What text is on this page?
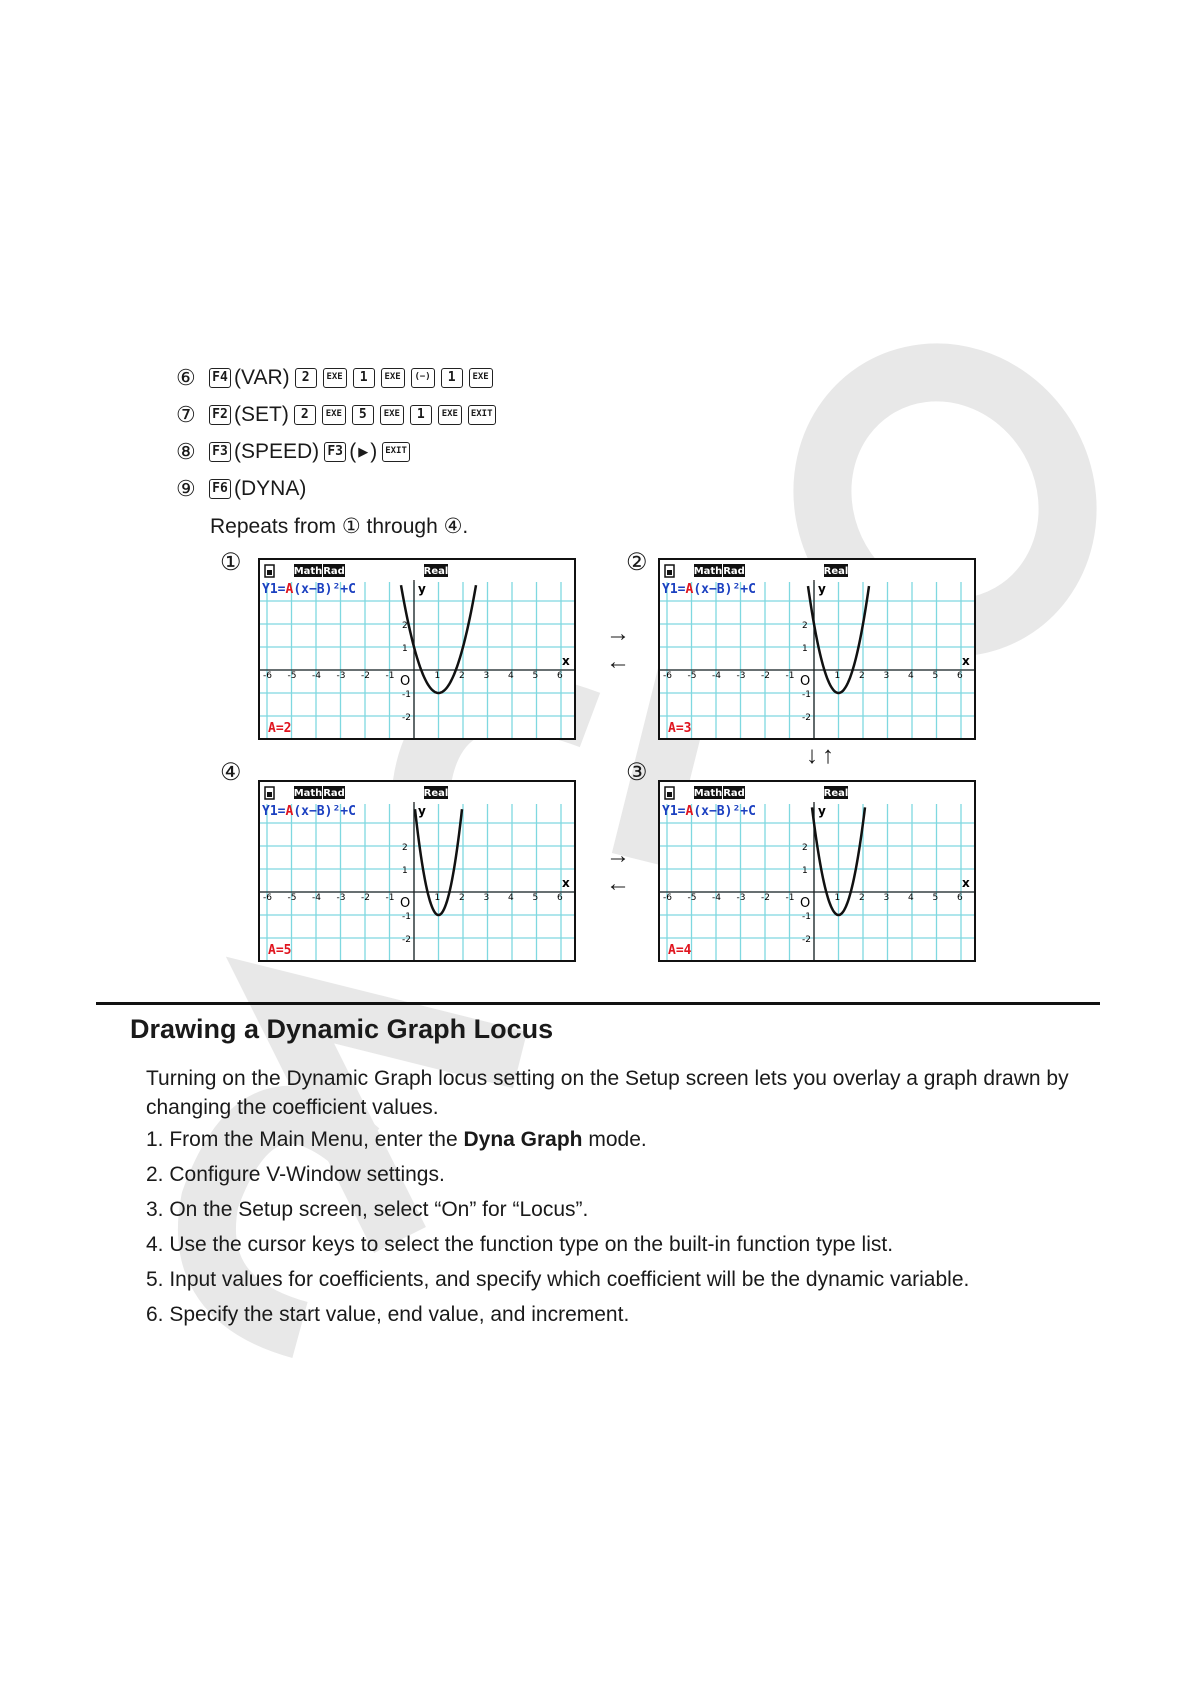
⑥	F4 (VAR) 2	EXE	1	EXE	(−)	1	EXE
⑦	F2 (SET) 2	EXE	5	EXE	1	EXE	EXIT
⑧	F3 (SPEED) F3 ( ▶ ) EXIT
⑨	F6 (DYNA)
Repeats from ① through ④.
①	②
③
④
Math Rad	Real
Y1=A(x−B)²+C	y
x
O
-6 -5 -4 -3 -2 -1	1 2 3 4 5 6
2
1
-1
-2
A=2
Math Rad	Real
Y1=A(x−B)²+C	y
x
O
-6 -5 -4 -3 -2 -1	1 2 3 4 5 6
2
1
-1
-2
A=3
Math Rad	Real
Y1=A(x−B)²+C	y
x
O
-6 -5 -4 -3 -2 -1	1 2 3 4 5 6
2
1
-1
-2
A=4
Math Rad	Real
Y1=A(x−B)²+C	y
x
O
-6 -5 -4 -3 -2 -1	1 2 3 4 5 6
2
1
-1
-2
A=5
→
←
↓ ↑
→
←
Drawing a Dynamic Graph Locus
Turning on the Dynamic Graph locus setting on the Setup screen lets you overlay a graph drawn by changing the coefficient values.
1. From the Main Menu, enter the Dyna Graph mode.
2. Configure V-Window settings.
3. On the Setup screen, select “On” for “Locus”.
4. Use the cursor keys to select the function type on the built-in function type list.
5. Input values for coefficients, and specify which coefficient will be the dynamic variable.
6. Specify the start value, end value, and increment.
